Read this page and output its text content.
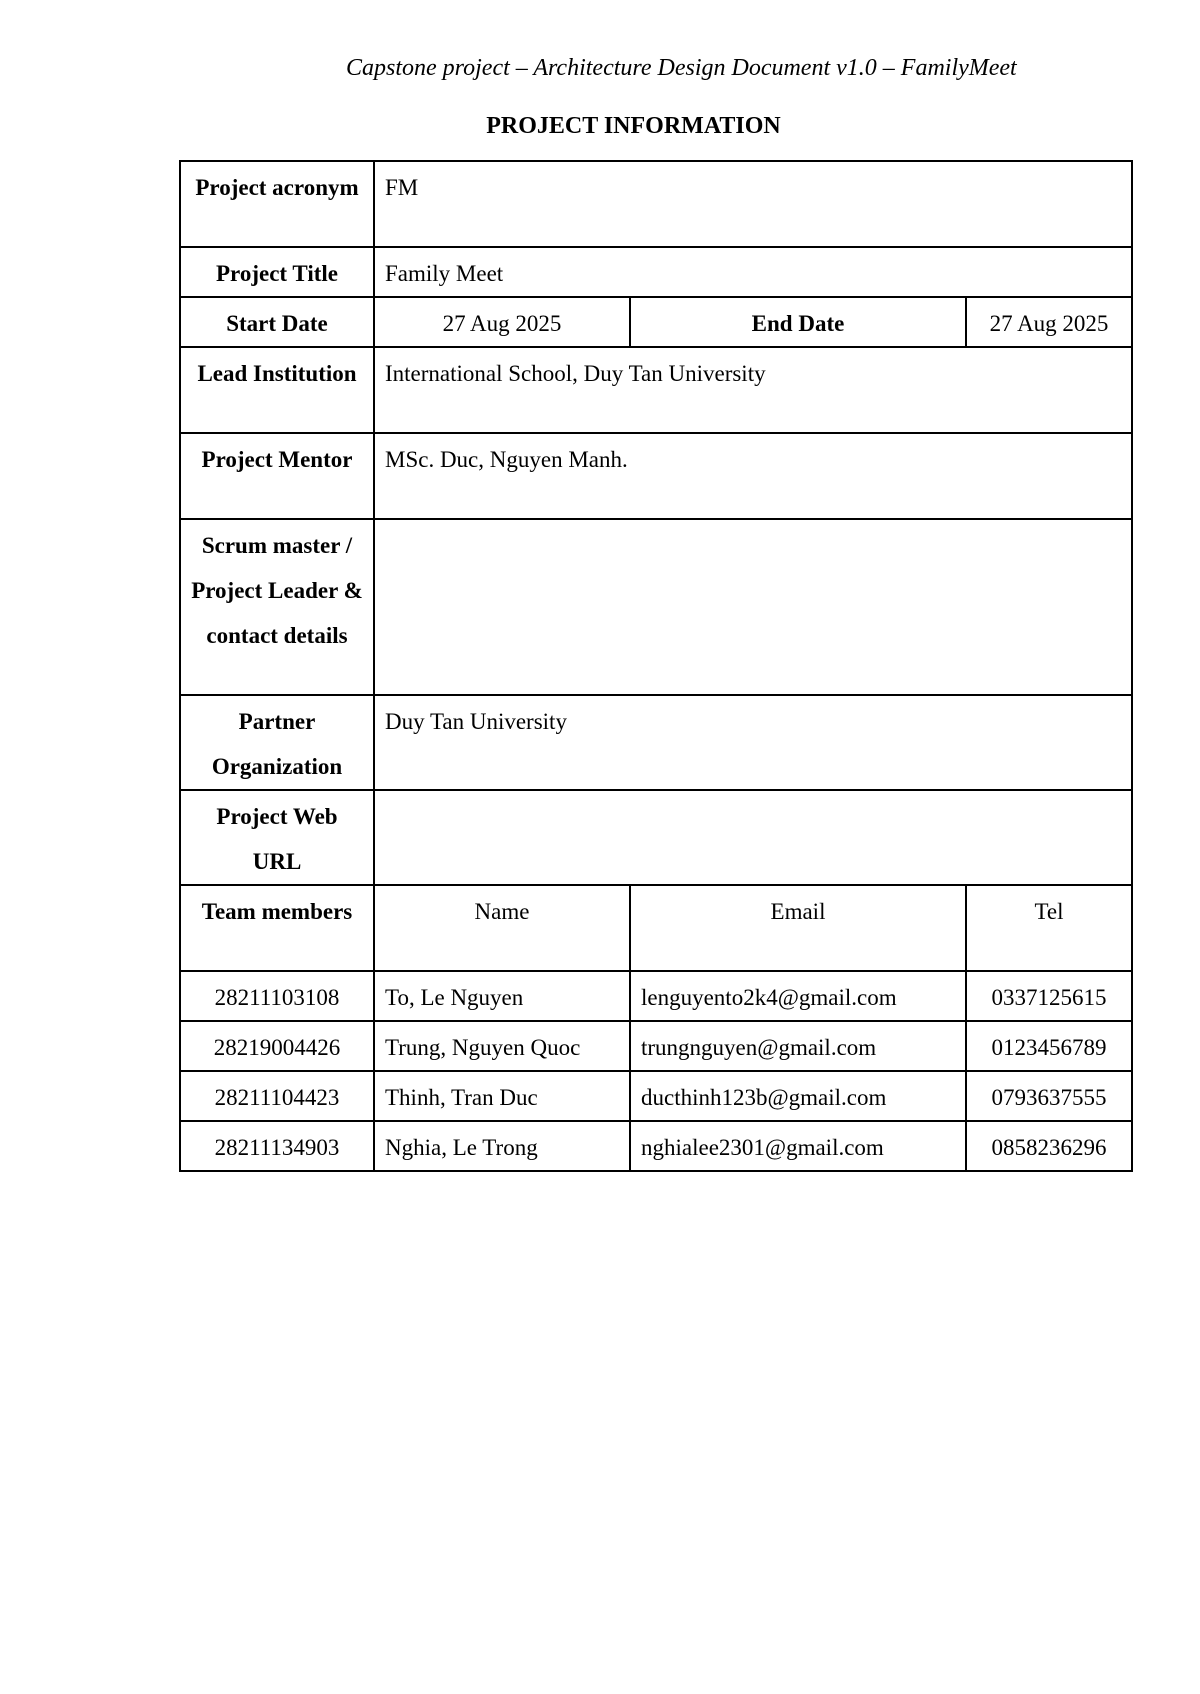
Capstone project – Architecture Design Document v1.0 – FamilyMeet
PROJECT INFORMATION
Project acronym	FM		
Project Title	Family Meet		
Start Date	27 Aug 2025	End Date	27 Aug 2025
Lead Institution	International School, Duy Tan University		
Project Mentor	MSc. Duc, Nguyen Manh.		
Scrum master / Project Leader & contact details			
Partner Organization	Duy Tan University		
Project Web URL			
Team members	Name	Email	Tel
28211103108	To, Le Nguyen	lenguyento2k4@gmail.com	0337125615
28219004426	Trung, Nguyen Quoc	trungnguyen@gmail.com	0123456789
28211104423	Thinh, Tran Duc	ducthinh123b@gmail.com	0793637555
28211134903	Nghia, Le Trong	nghialee2301@gmail.com	0858236296
